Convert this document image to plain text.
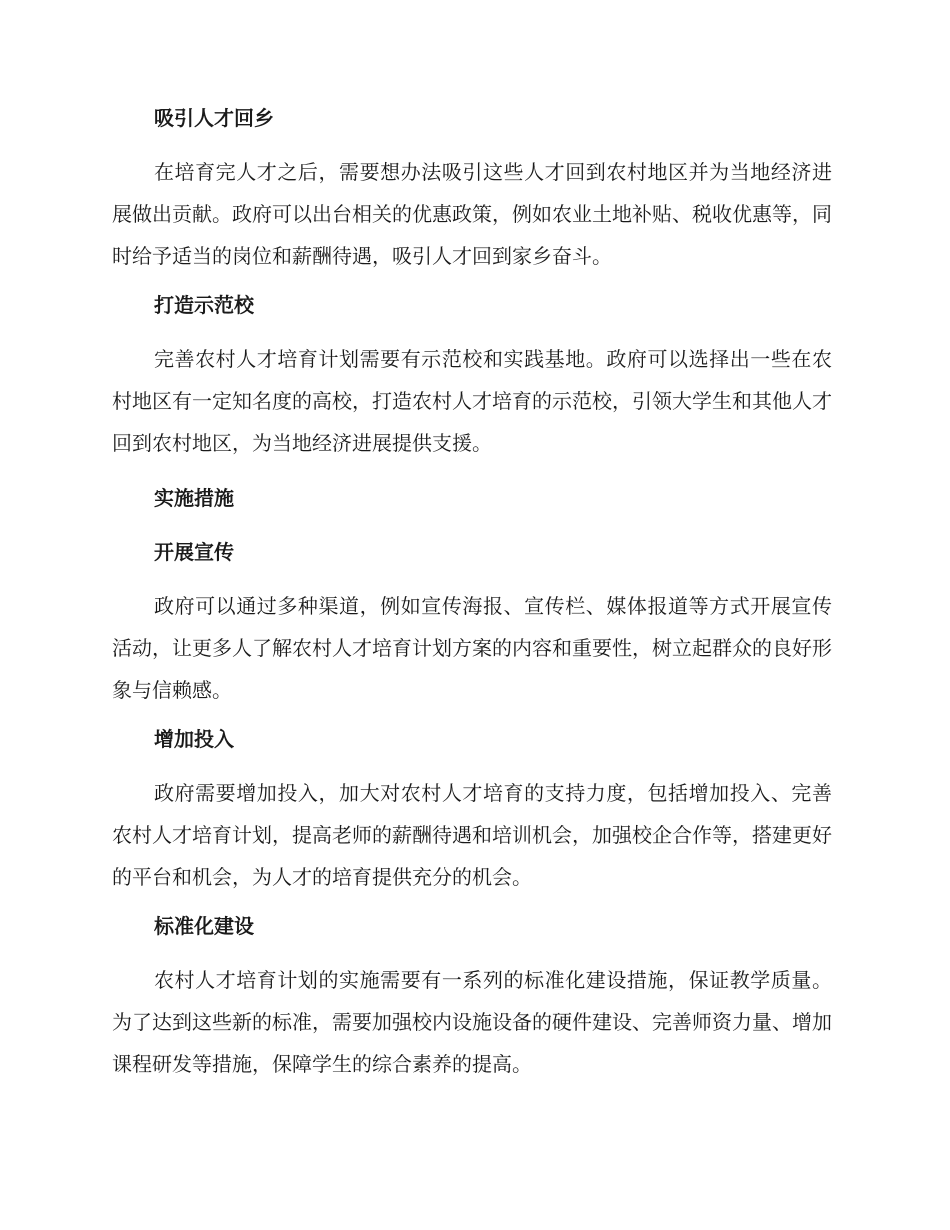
吸引人才回乡

在培育完人才之后，需要想办法吸引这些人才回到农村地区并为当地经济进展做出贡献。政府可以出台相关的优惠政策，例如农业土地补贴、税收优惠等，同时给予适当的岗位和薪酬待遇，吸引人才回到家乡奋斗。

打造示范校

完善农村人才培育计划需要有示范校和实践基地。政府可以选择出一些在农村地区有一定知名度的高校，打造农村人才培育的示范校，引领大学生和其他人才回到农村地区，为当地经济进展提供支援。

实施措施

开展宣传

政府可以通过多种渠道，例如宣传海报、宣传栏、媒体报道等方式开展宣传活动，让更多人了解农村人才培育计划方案的内容和重要性，树立起群众的良好形象与信赖感。

增加投入

政府需要增加投入，加大对农村人才培育的支持力度，包括增加投入、完善农村人才培育计划，提高老师的薪酬待遇和培训机会，加强校企合作等，搭建更好的平台和机会，为人才的培育提供充分的机会。

标准化建设

农村人才培育计划的实施需要有一系列的标准化建设措施，保证教学质量。为了达到这些新的标准，需要加强校内设施设备的硬件建设、完善师资力量、增加课程研发等措施，保障学生的综合素养的提高。
